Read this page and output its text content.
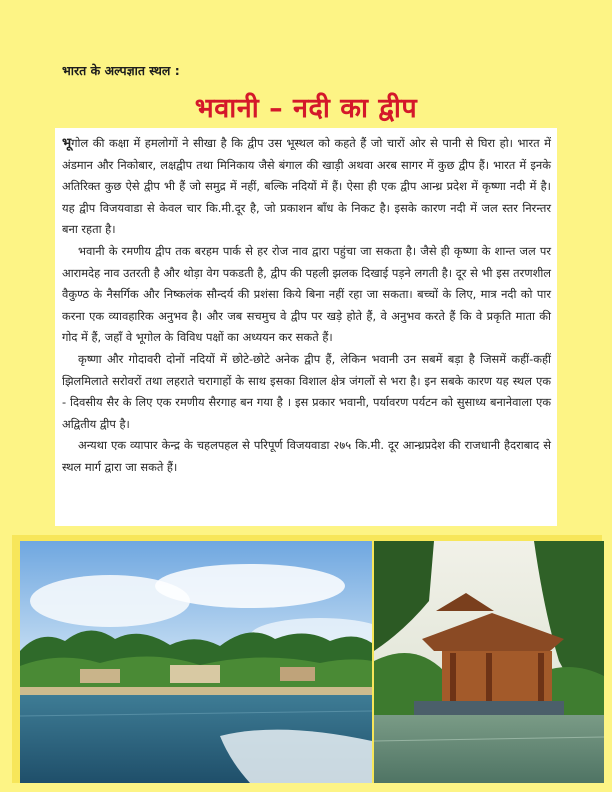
भारत के अल्पज्ञात स्थल :
भवानी – नदी का द्वीप

भूगोल की कक्षा में हमलोगों ने सीखा है कि द्वीप उस भूस्थल को कहते हैं जो चारों ओर से पानी से घिरा हो। भारत में अंडमान और निकोबार, लक्षद्वीप तथा मिनिकाय जैसे बंगाल की खाड़ी अथवा अरब सागर में कुछ द्वीप हैं। भारत में इनके अतिरिक्त कुछ ऐसे द्वीप भी हैं जो समुद्र में नहीं, बल्कि नदियों में हैं। ऐसा ही एक द्वीप आन्ध्र प्रदेश में कृष्णा नदी में है। यह द्वीप विजयवाडा से केवल चार कि.मी.दूर है, जो प्रकाशन बाँध के निकट है। इसके कारण नदी में जल स्तर निरन्तर बना रहता है।

भवानी के रमणीय द्वीप तक बरहम पार्क से हर रोज नाव द्वारा पहुंचा जा सकता है। जैसे ही कृष्णा के शान्त जल पर आरामदेह नाव उतरती है और थोड़ा वेग पकडती है, द्वीप की पहली झलक दिखाई पड़ने लगती है। दूर से भी इस तरणशील वैकुण्ठ के नैसर्गिक और निष्कलंक सौन्दर्य की प्रशंसा किये बिना नहीं रहा जा सकता। बच्चों के लिए, मात्र नदी को पार करना एक व्यावहारिक अनुभव है। और जब सचमुच वे द्वीप पर खड़े होते हैं, वे अनुभव करते हैं कि वे प्रकृति माता की गोद में हैं, जहाँ वे भूगोल के विविध पक्षों का अध्ययन कर सकते हैं।

कृष्णा और गोदावरी दोनों नदियों में छोटे-छोटे अनेक द्वीप हैं, लेकिन भवानी उन सबमें बड़ा है जिसमें कहीं-कहीं झिलमिलाते सरोवरों तथा लहराते चरागाहों के साथ इसका विशाल क्षेत्र जंगलों से भरा है। इन सबके कारण यह स्थल एक - दिवसीय सैर के लिए एक रमणीय सैरगाह बन गया है । इस प्रकार भवानी, पर्यावरण पर्यटन को सुसाध्य बनानेवाला एक अद्वितीय द्वीप है।

अन्यथा एक व्यापार केन्द्र के चहलपहल से परिपूर्ण विजयवाडा २७५ कि.मी. दूर आन्ध्रप्रदेश की राजधानी हैदराबाद से स्थल मार्ग द्वारा जा सकते हैं।
